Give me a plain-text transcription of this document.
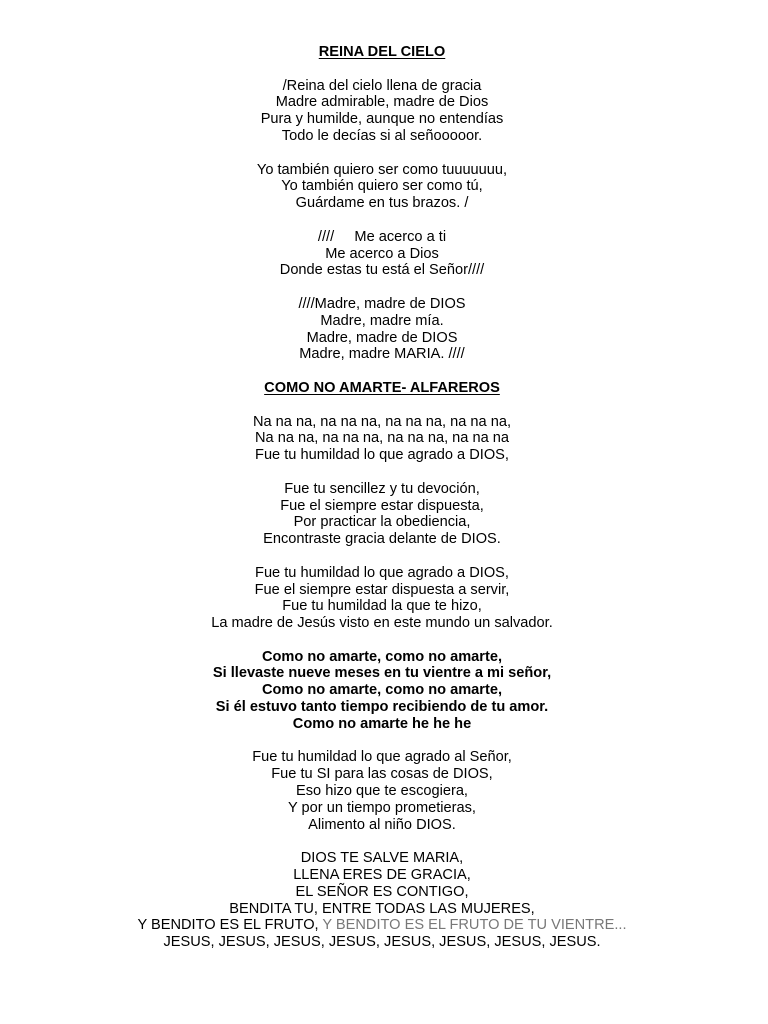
REINA DEL CIELO
/Reina del cielo llena de gracia
Madre admirable, madre de Dios
Pura y humilde, aunque no entendías
Todo le decías si al señooooor.
Yo también quiero ser como tuuuuuuu,
Yo también quiero ser como tú,
Guárdame en tus brazos. /
////     Me acerco a ti
Me acerco a Dios
Donde estas tu está el Señor////
////Madre, madre de DIOS
Madre, madre mía.
Madre, madre de DIOS
Madre, madre MARIA. ////
COMO NO AMARTE- ALFAREROS
Na na na, na na na, na na na, na na na,
Na na na, na na na, na na na, na na na
Fue tu humildad lo que agrado a DIOS,
Fue tu sencillez y tu devoción,
Fue el siempre estar dispuesta,
Por practicar la obediencia,
Encontraste gracia delante de DIOS.
Fue tu humildad lo que agrado a DIOS,
Fue el siempre estar dispuesta a servir,
Fue tu humildad la que te hizo,
La madre de Jesús visto en este mundo un salvador.
Como no amarte, como no amarte,
Si llevaste nueve meses en tu vientre a mi señor,
Como no amarte, como no amarte,
Si él estuvo tanto tiempo recibiendo de tu amor.
Como no amarte he he he
Fue tu humildad lo que agrado al Señor,
Fue tu SI para las cosas de DIOS,
Eso hizo que te escogiera,
Y por un tiempo prometieras,
Alimento al niño DIOS.
DIOS TE SALVE MARIA,
LLENA ERES DE GRACIA,
EL SEÑOR ES CONTIGO,
BENDITA TU, ENTRE TODAS LAS MUJERES,
Y BENDITO ES EL FRUTO, Y BENDITO ES EL FRUTO DE TU VIENTRE...
JESUS, JESUS, JESUS, JESUS, JESUS, JESUS, JESUS, JESUS.
